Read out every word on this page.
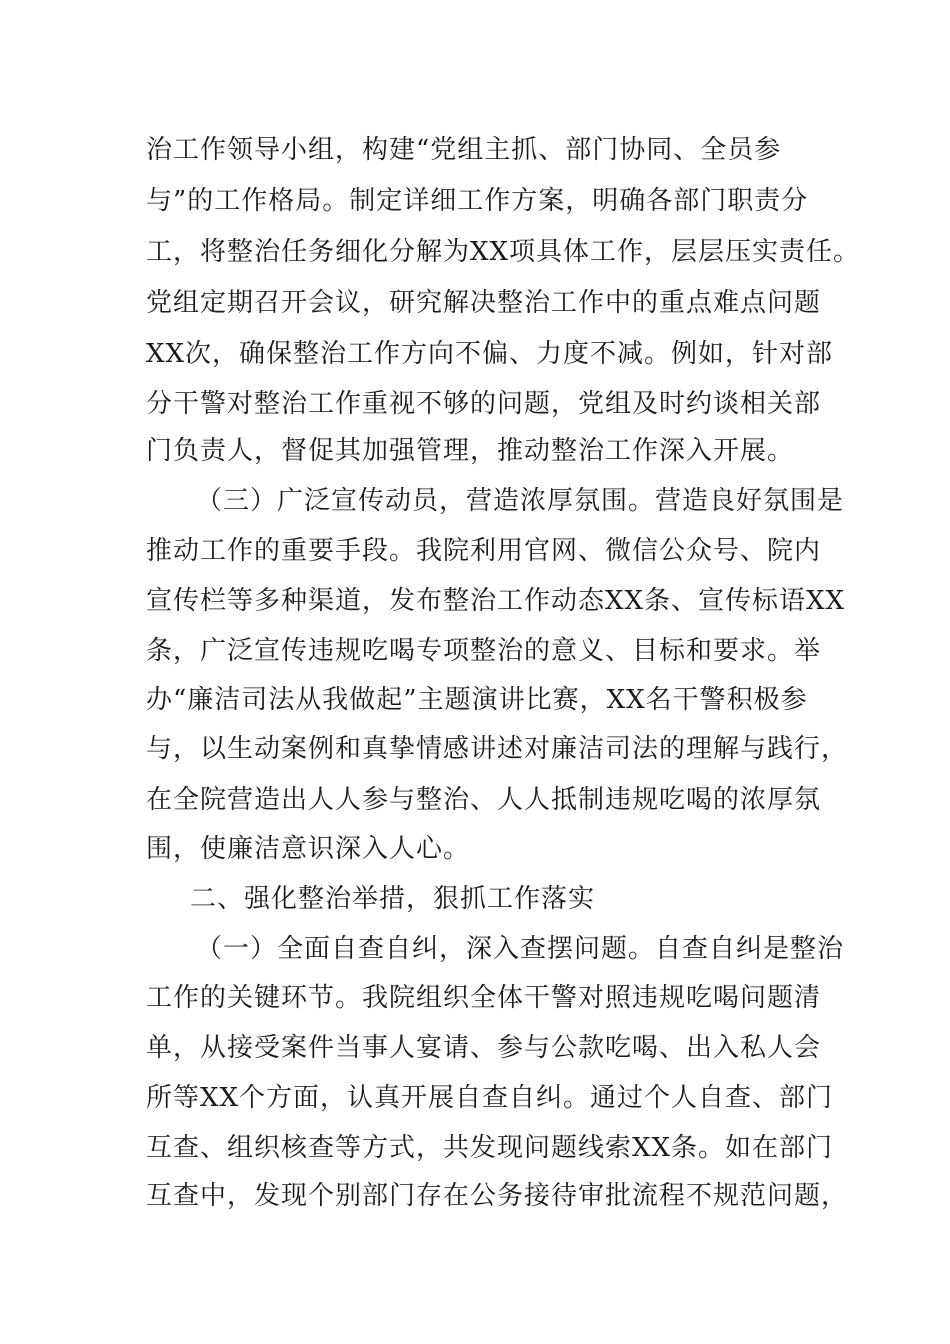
治工作领导小组，构建“党组主抓、部门协同、全员参
与”的工作格局。制定详细工作方案，明确各部门职责分
工，将整治任务细化分解为XX项具体工作，层层压实责任。
党组定期召开会议，研究解决整治工作中的重点难点问题
XX次，确保整治工作方向不偏、力度不减。例如，针对部
分干警对整治工作重视不够的问题，党组及时约谈相关部
门负责人，督促其加强管理，推动整治工作深入开展。
（三）广泛宣传动员，营造浓厚氛围。营造良好氛围是
推动工作的重要手段。我院利用官网、微信公众号、院内
宣传栏等多种渠道，发布整治工作动态XX条、宣传标语XX
条，广泛宣传违规吃喝专项整治的意义、目标和要求。举
办“廉洁司法从我做起”主题演讲比赛，XX名干警积极参
与，以生动案例和真挚情感讲述对廉洁司法的理解与践行，
在全院营造出人人参与整治、人人抵制违规吃喝的浓厚氛
围，使廉洁意识深入人心。
二、强化整治举措，狠抓工作落实
（一）全面自查自纠，深入查摆问题。自查自纠是整治
工作的关键环节。我院组织全体干警对照违规吃喝问题清
单，从接受案件当事人宴请、参与公款吃喝、出入私人会
所等XX个方面，认真开展自查自纠。通过个人自查、部门
互查、组织核查等方式，共发现问题线索XX条。如在部门
互查中，发现个别部门存在公务接待审批流程不规范问题，
